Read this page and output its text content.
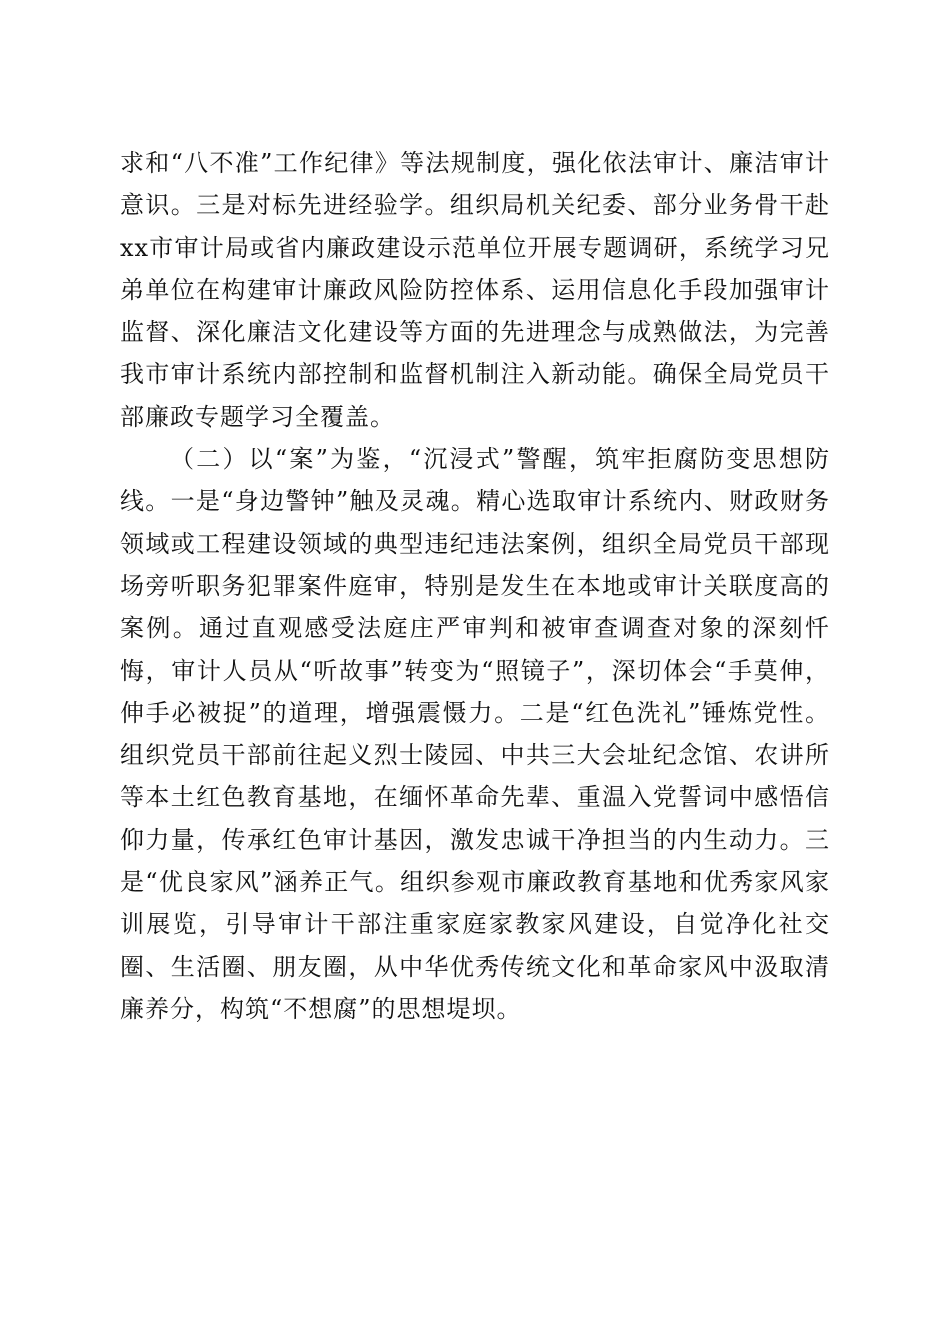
求和“八不准”工作纪律》等法规制度，强化依法审计、廉洁审计意识。三是对标先进经验学。组织局机关纪委、部分业务骨干赴xx市审计局或省内廉政建设示范单位开展专题调研，系统学习兄弟单位在构建审计廉政风险防控体系、运用信息化手段加强审计监督、深化廉洁文化建设等方面的先进理念与成熟做法，为完善我市审计系统内部控制和监督机制注入新动能。确保全局党员干部廉政专题学习全覆盖。

（二）以“案”为鉴，“沉浸式”警醒，筑牢拒腐防变思想防线。一是“身边警钟”触及灵魂。精心选取审计系统内、财政财务领域或工程建设领域的典型违纪违法案例，组织全局党员干部现场旁听职务犯罪案件庭审，特别是发生在本地或审计关联度高的案例。通过直观感受法庭庄严审判和被审查调查对象的深刻忏悔，审计人员从“听故事”转变为“照镜子”，深切体会“手莫伸，伸手必被捉”的道理，增强震慑力。二是“红色洗礼”锤炼党性。组织党员干部前往起义烈士陵园、中共三大会址纪念馆、农讲所等本土红色教育基地，在缅怀革命先辈、重温入党誓词中感悟信仰力量，传承红色审计基因，激发忠诚干净担当的内生动力。三是“优良家风”涵养正气。组织参观市廉政教育基地和优秀家风家训展览，引导审计干部注重家庭家教家风建设，自觉净化社交圈、生活圈、朋友圈，从中华优秀传统文化和革命家风中汲取清廉养分，构筑“不想腐”的思想堤坝。
